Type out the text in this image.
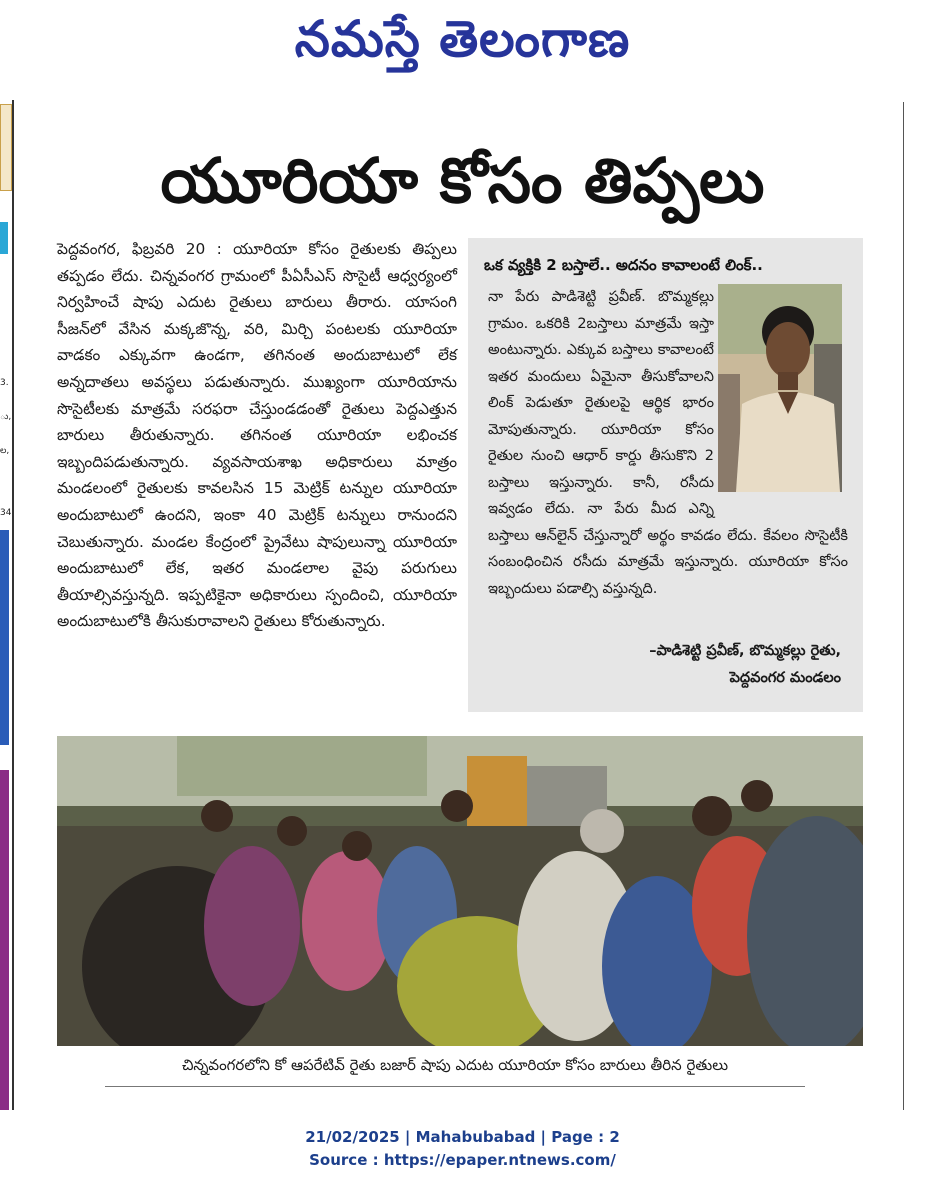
నమస్తే తెలంగాణ
3.
ు,
ల,
34
యూరియా కోసం తిప్పలు
పెద్దవంగర, ఫిబ్రవరి 20 : యూరియా కోసం రైతులకు తిప్పలు తప్పడం లేదు. చిన్నవంగర గ్రామంలో పీఏసీఎస్ సొసైటీ ఆధ్వర్యంలో నిర్వహించే షాపు ఎదుట రైతులు బారులు తీరారు. యాసంగి సీజన్‌లో వేసిన మక్కజొన్న, వరి, మిర్చి పంటలకు యూరియా వాడకం ఎక్కువగా ఉండగా, తగినంత అందుబాటులో లేక అన్నదాతలు అవస్థలు పడుతున్నారు. ముఖ్యంగా యూరియాను సొసైటీలకు మాత్రమే సరఫరా చేస్తుండడంతో రైతులు పెద్దఎత్తున బారులు తీరుతున్నారు. తగినంత యూరియా లభించక ఇబ్బందిపడుతున్నారు. వ్యవసాయశాఖ అధికారులు మాత్రం మండలంలో రైతులకు కావలసిన 15 మెట్రిక్ టన్నుల యూరియా అందుబాటులో ఉందని, ఇంకా 40 మెట్రిక్ టన్నులు రానుందని చెబుతున్నారు. మండల కేంద్రంలో ప్రైవేటు షాపులున్నా యూరియా అందుబాటులో లేక, ఇతర మండలాల వైపు పరుగులు తీయాల్సివస్తున్నది. ఇప్పటికైనా అధికారులు స్పందించి, యూరియా అందుబాటులోకి తీసుకురావాలని రైతులు కోరుతున్నారు.
ఒక వ్యక్తికి 2 బస్తాలే.. అదనం కావాలంటే లింక్..
నా పేరు పాడిశెట్టి ప్రవీణ్. బొమ్మకల్లు గ్రామం. ఒకరికి 2బస్తాలు మాత్రమే ఇస్తా అంటున్నారు. ఎక్కువ బస్తాలు కావాలంటే ఇతర మందులు ఏమైనా తీసుకోవాలని లింక్ పెడుతూ రైతులపై ఆర్థిక భారం మోపుతున్నారు. యూరియా కోసం రైతుల నుంచి ఆధార్ కార్డు తీసుకొని 2 బస్తాలు ఇస్తున్నారు. కానీ, రసీదు ఇవ్వడం లేదు. నా పేరు మీద ఎన్ని బస్తాలు ఆన్‌లైన్ చేస్తున్నారో అర్థం కావడం లేదు. కేవలం సొసైటీకి సంబంధించిన రసీదు మాత్రమే ఇస్తున్నారు. యూరియా కోసం ఇబ్బందులు పడాల్సి వస్తున్నది.
–పాడిశెట్టి ప్రవీణ్, బొమ్మకల్లు రైతు,
పెద్దవంగర మండలం
చిన్నవంగరలోని కో ఆపరేటివ్ రైతు బజార్ షాపు ఎదుట యూరియా కోసం బారులు తీరిన రైతులు
21/02/2025 | Mahabubabad | Page : 2
Source : https://epaper.ntnews.com/
